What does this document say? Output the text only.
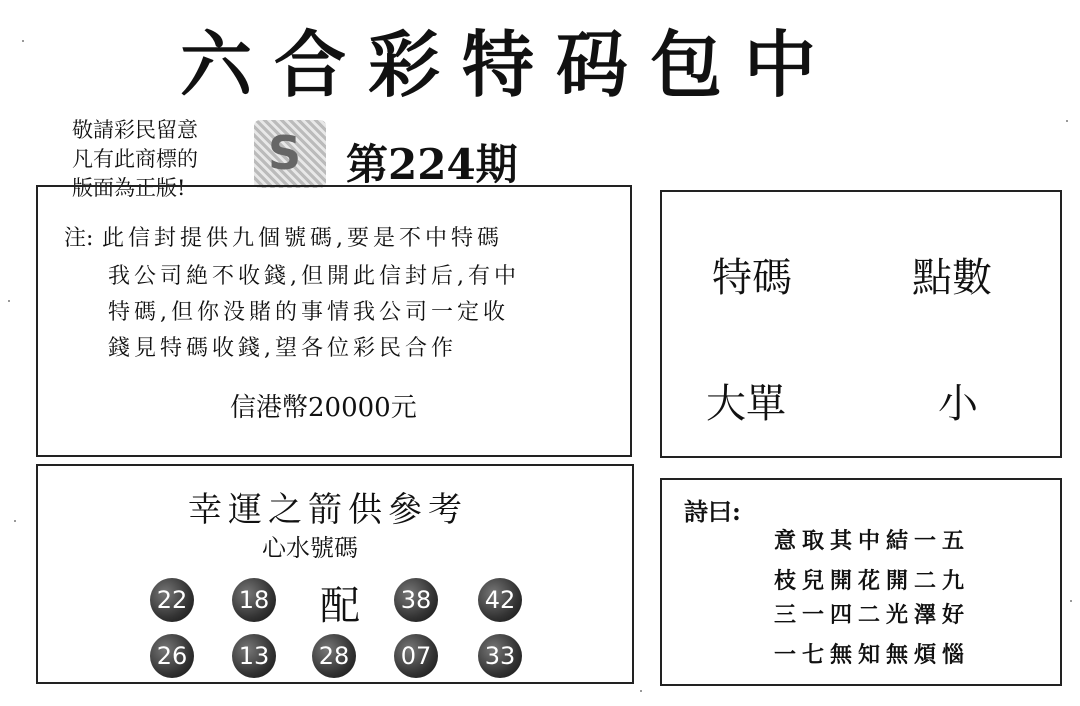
六合彩特码包中
敬請彩民留意
凡有此商標的
版面為正版!
S 第224期
注: 此信封提供九個號碼,要是不中特碼
我公司絶不收錢,但開此信封后,有中
特碼,但你没賭的事情我公司一定收
錢見特碼收錢,望各位彩民合作
信港幣20000元
特碼	點數
大單	小
幸運之箭供參考
心水號碼
22 18 配 38 42
26 13 28 07 33
詩曰:
意取其中結一五
枝兒開花開二九
三一四二光澤好
一七無知無煩惱
